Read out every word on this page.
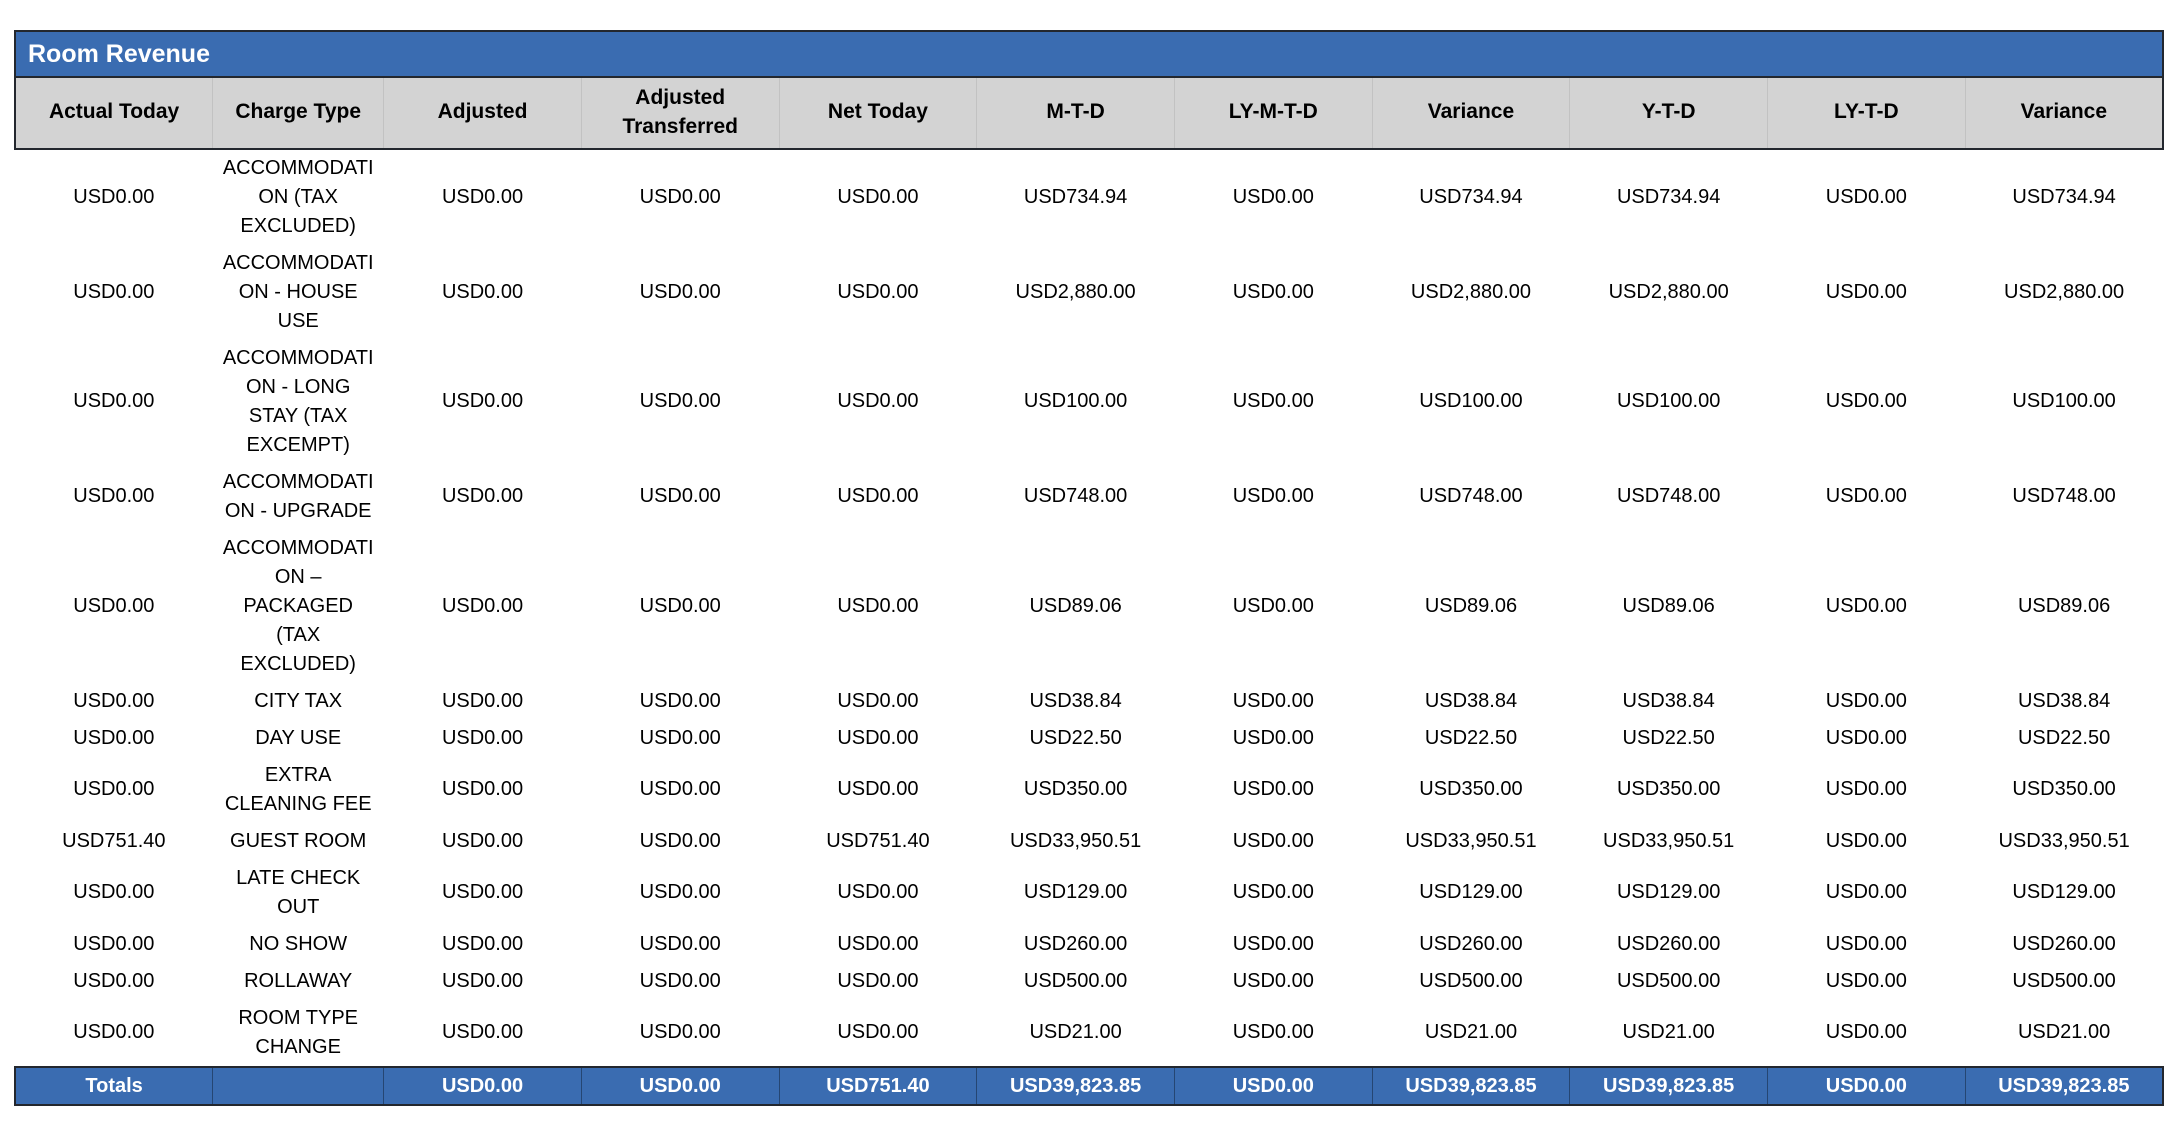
Room Revenue										
Actual Today	Charge Type	Adjusted	Adjusted Transferred	Net Today	M-T-D	LY-M-T-D	Variance	Y-T-D	LY-T-D	Variance
USD0.00	ACCOMMODATION (TAX EXCLUDED)	USD0.00	USD0.00	USD0.00	USD734.94	USD0.00	USD734.94	USD734.94	USD0.00	USD734.94
USD0.00	ACCOMMODATION - HOUSE USE	USD0.00	USD0.00	USD0.00	USD2,880.00	USD0.00	USD2,880.00	USD2,880.00	USD0.00	USD2,880.00
USD0.00	ACCOMMODATION - LONG STAY (TAX EXCEMPT)	USD0.00	USD0.00	USD0.00	USD100.00	USD0.00	USD100.00	USD100.00	USD0.00	USD100.00
USD0.00	ACCOMMODATION - UPGRADE	USD0.00	USD0.00	USD0.00	USD748.00	USD0.00	USD748.00	USD748.00	USD0.00	USD748.00
USD0.00	ACCOMMODATION – PACKAGED (TAX EXCLUDED)	USD0.00	USD0.00	USD0.00	USD89.06	USD0.00	USD89.06	USD89.06	USD0.00	USD89.06
USD0.00	CITY TAX	USD0.00	USD0.00	USD0.00	USD38.84	USD0.00	USD38.84	USD38.84	USD0.00	USD38.84
USD0.00	DAY USE	USD0.00	USD0.00	USD0.00	USD22.50	USD0.00	USD22.50	USD22.50	USD0.00	USD22.50
USD0.00	EXTRA CLEANING FEE	USD0.00	USD0.00	USD0.00	USD350.00	USD0.00	USD350.00	USD350.00	USD0.00	USD350.00
USD751.40	GUEST ROOM	USD0.00	USD0.00	USD751.40	USD33,950.51	USD0.00	USD33,950.51	USD33,950.51	USD0.00	USD33,950.51
USD0.00	LATE CHECK OUT	USD0.00	USD0.00	USD0.00	USD129.00	USD0.00	USD129.00	USD129.00	USD0.00	USD129.00
USD0.00	NO SHOW	USD0.00	USD0.00	USD0.00	USD260.00	USD0.00	USD260.00	USD260.00	USD0.00	USD260.00
USD0.00	ROLLAWAY	USD0.00	USD0.00	USD0.00	USD500.00	USD0.00	USD500.00	USD500.00	USD0.00	USD500.00
USD0.00	ROOM TYPE CHANGE	USD0.00	USD0.00	USD0.00	USD21.00	USD0.00	USD21.00	USD21.00	USD0.00	USD21.00
Totals		USD0.00	USD0.00	USD751.40	USD39,823.85	USD0.00	USD39,823.85	USD39,823.85	USD0.00	USD39,823.85
